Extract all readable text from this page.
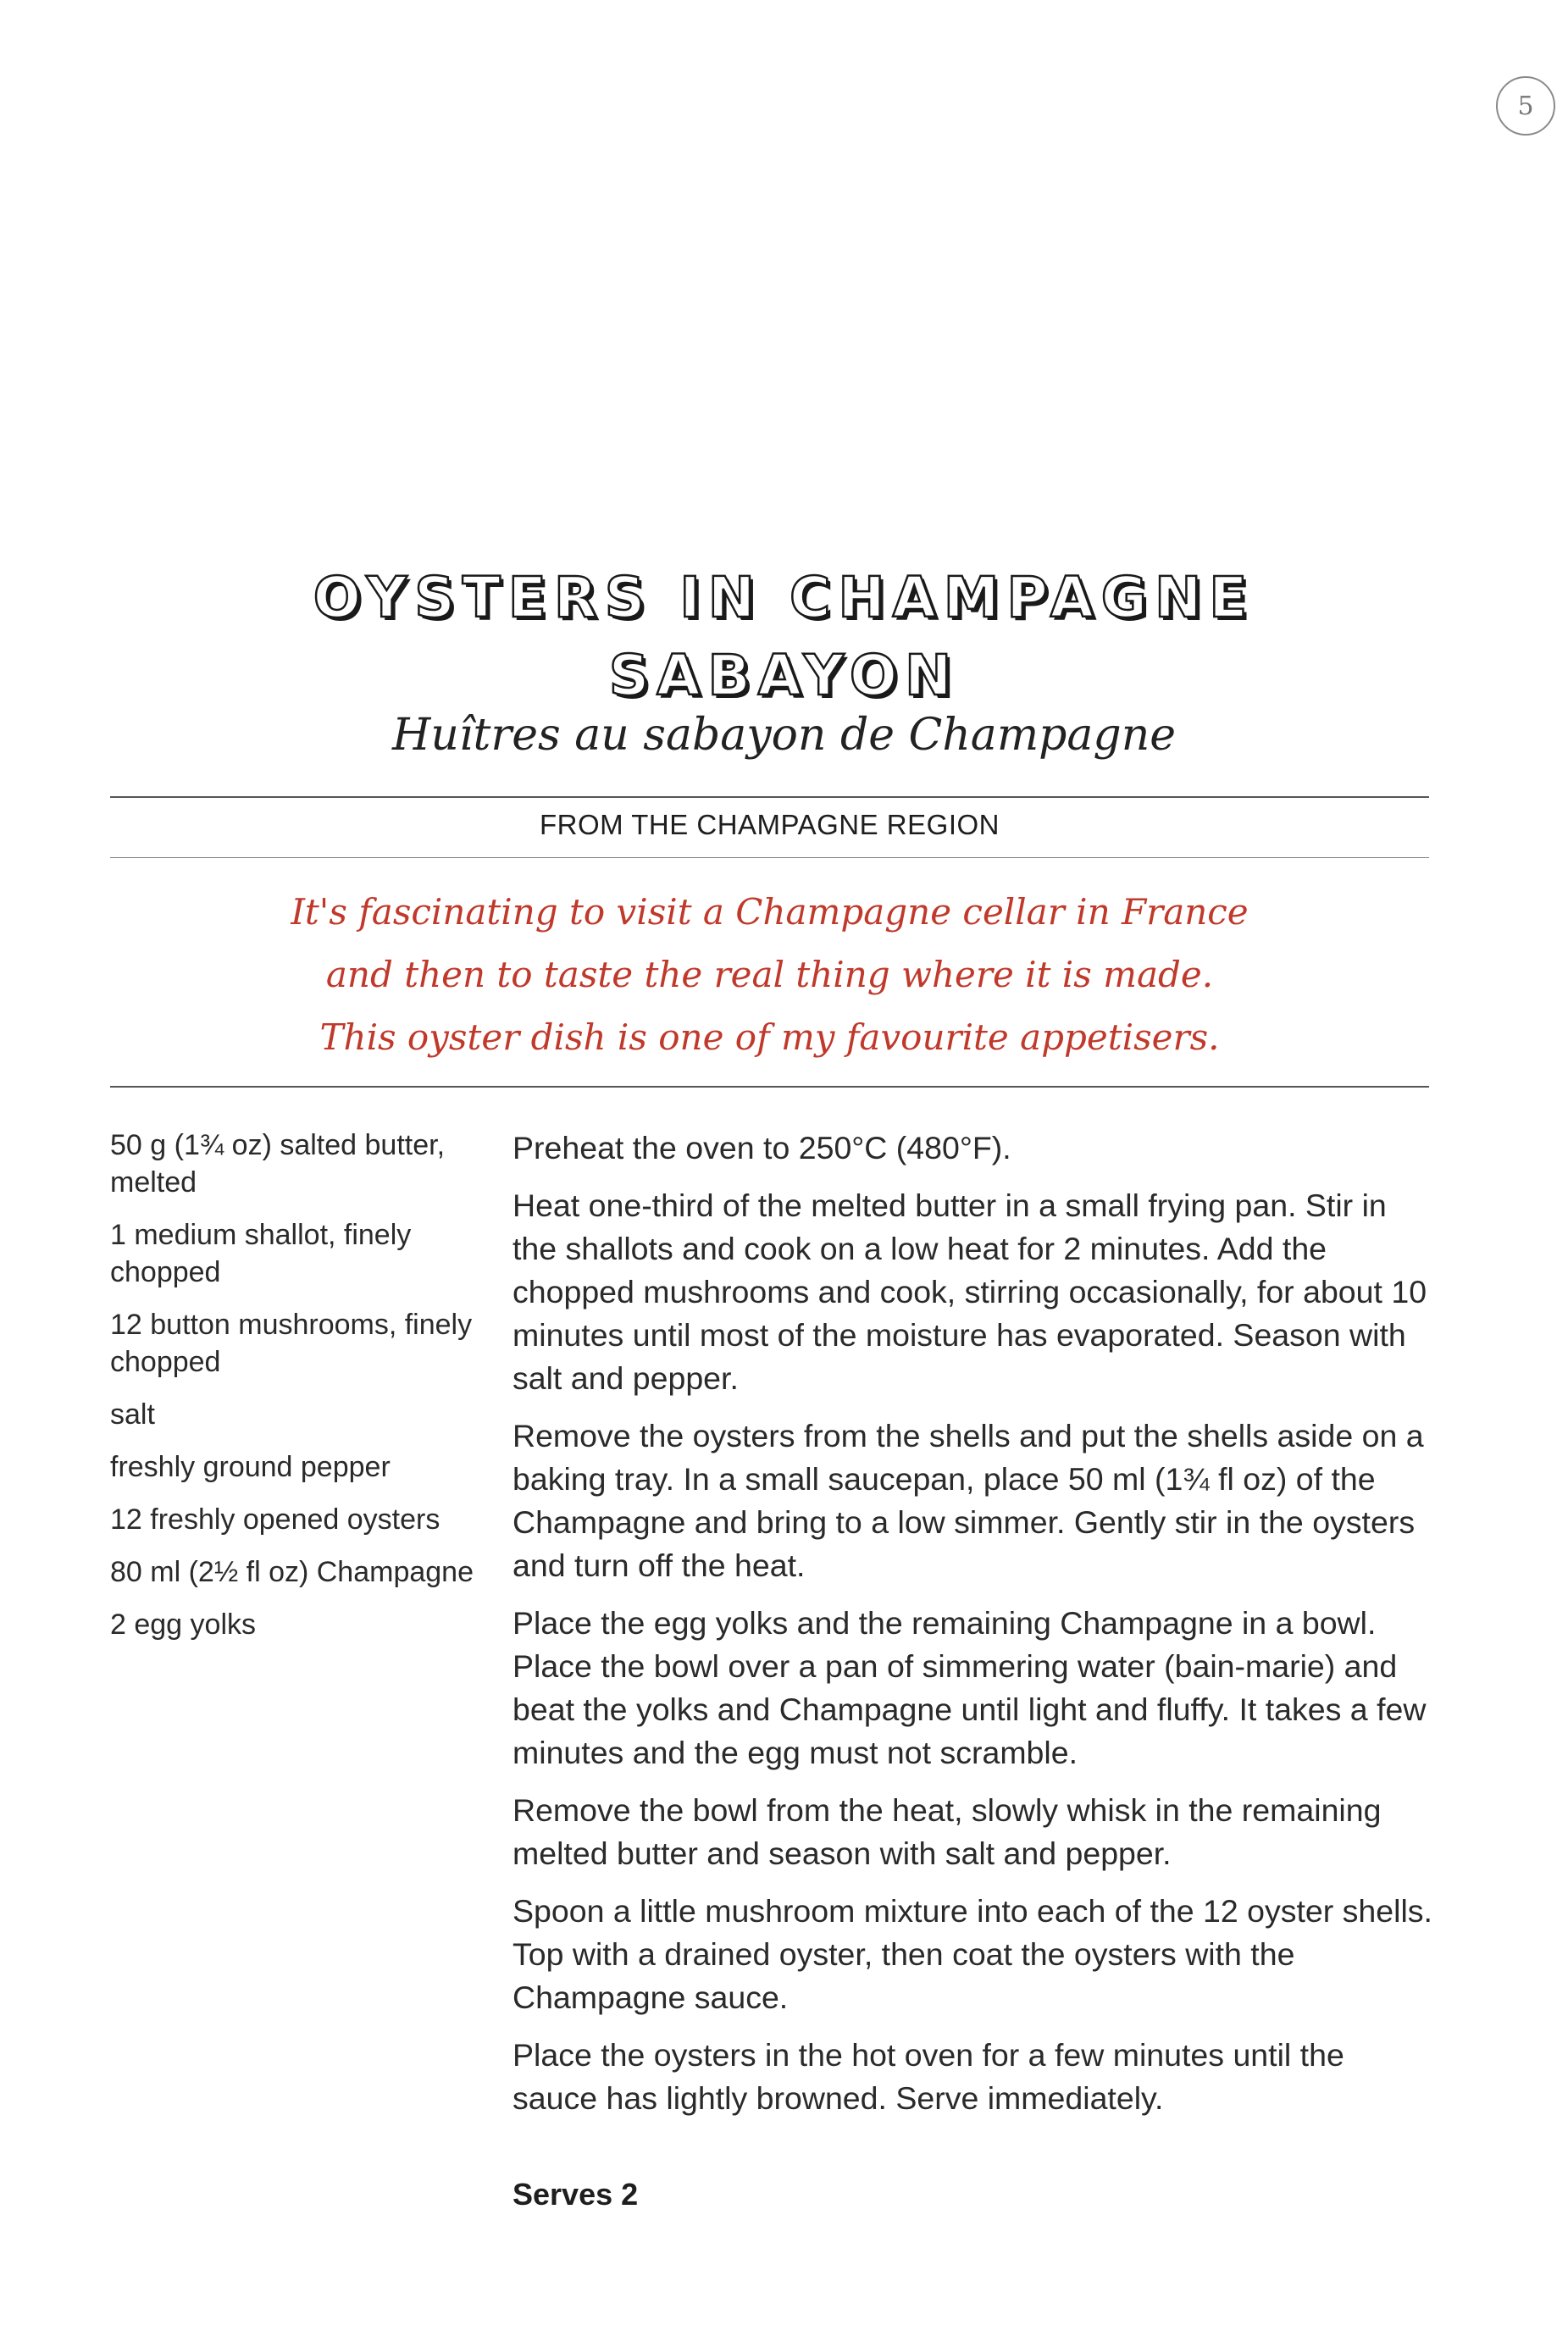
5
OYSTERS IN CHAMPAGNE
SABAYON
Huîtres au sabayon de Champagne
FROM THE CHAMPAGNE REGION
It's fascinating to visit a Champagne cellar in France
and then to taste the real thing where it is made.
This oyster dish is one of my favourite appetisers.
50 g (1¾ oz) salted butter, melted
1 medium shallot, finely chopped
12 button mushrooms, finely chopped
salt
freshly ground pepper
12 freshly opened oysters
80 ml (2½ fl oz) Champagne
2 egg yolks

Preheat the oven to 250°C (480°F).

Heat one-third of the melted butter in a small frying pan. Stir in the shallots and cook on a low heat for 2 minutes. Add the chopped mushrooms and cook, stirring occasionally, for about 10 minutes until most of the moisture has evaporated. Season with salt and pepper.

Remove the oysters from the shells and put the shells aside on a baking tray. In a small saucepan, place 50 ml (1¾ fl oz) of the Champagne and bring to a low simmer. Gently stir in the oysters and turn off the heat.

Place the egg yolks and the remaining Champagne in a bowl. Place the bowl over a pan of simmering water (bain-marie) and beat the yolks and Champagne until light and fluffy. It takes a few minutes and the egg must not scramble.

Remove the bowl from the heat, slowly whisk in the remaining melted butter and season with salt and pepper.

Spoon a little mushroom mixture into each of the 12 oyster shells. Top with a drained oyster, then coat the oysters with the Champagne sauce.

Place the oysters in the hot oven for a few minutes until the sauce has lightly browned. Serve immediately.

Serves 2
